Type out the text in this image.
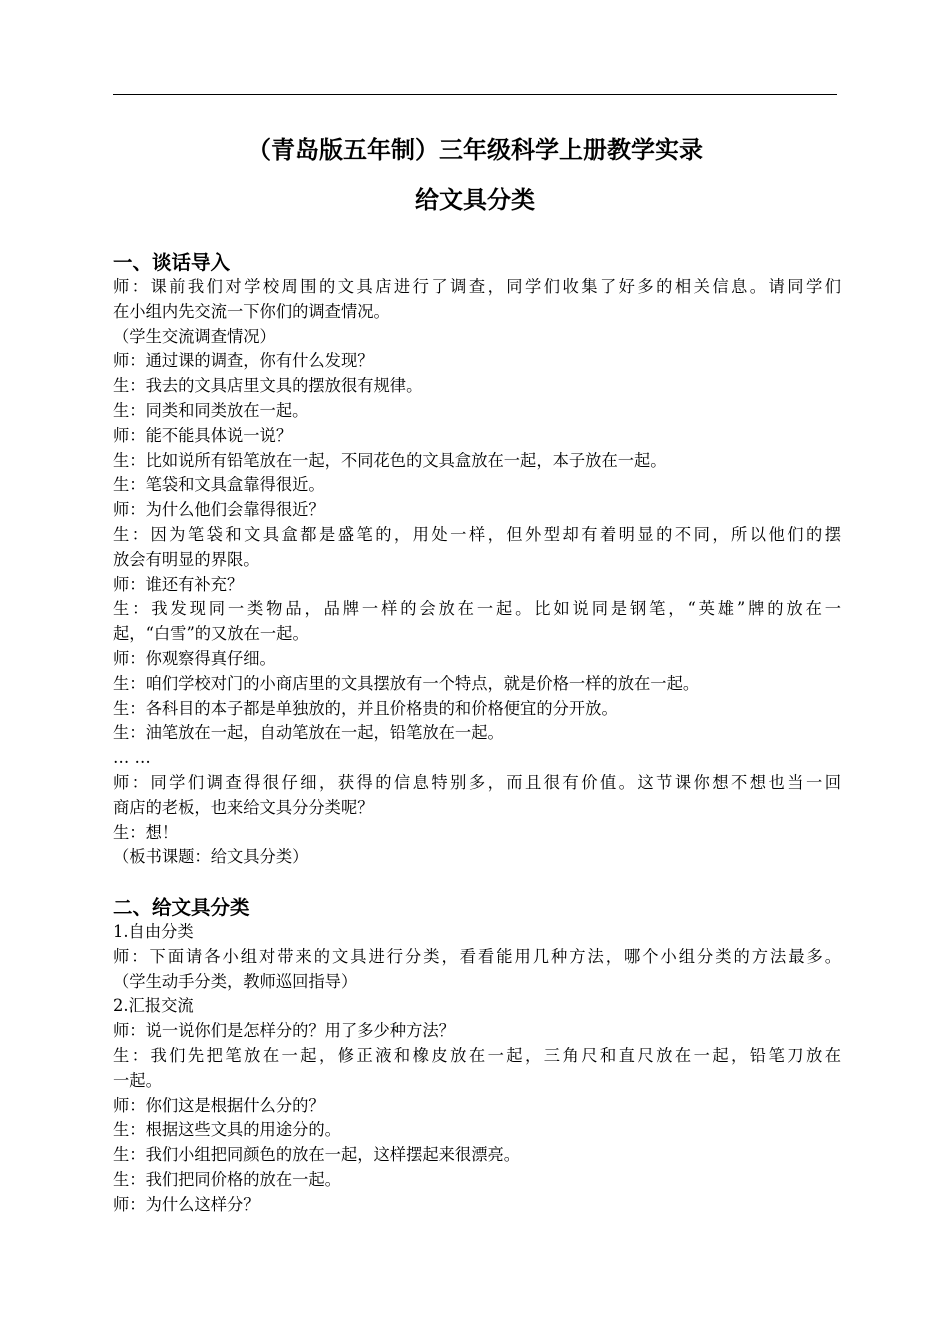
（青岛版五年制）三年级科学上册教学实录
给文具分类
一、谈话导入
师：课前我们对学校周围的文具店进行了调查，同学们收集了好多的相关信息。请同学们
在小组内先交流一下你们的调查情况。
（学生交流调查情况）
师：通过课的调查，你有什么发现？
生：我去的文具店里文具的摆放很有规律。
生：同类和同类放在一起。
师：能不能具体说一说？
生：比如说所有铅笔放在一起，不同花色的文具盒放在一起，本子放在一起。
生：笔袋和文具盒靠得很近。
师：为什么他们会靠得很近？
生：因为笔袋和文具盒都是盛笔的，用处一样，但外型却有着明显的不同，所以他们的摆
放会有明显的界限。
师：谁还有补充？
生：我发现同一类物品，品牌一样的会放在一起。比如说同是钢笔，“英雄”牌的放在一
起，“白雪”的又放在一起。
师：你观察得真仔细。
生：咱们学校对门的小商店里的文具摆放有一个特点，就是价格一样的放在一起。
生：各科目的本子都是单独放的，并且价格贵的和价格便宜的分开放。
生：油笔放在一起，自动笔放在一起，铅笔放在一起。
… …
师：同学们调查得很仔细，获得的信息特别多，而且很有价值。这节课你想不想也当一回
商店的老板，也来给文具分分类呢？
生：想！
（板书课题：给文具分类）
二、给文具分类
1.自由分类
师：下面请各小组对带来的文具进行分类，看看能用几种方法，哪个小组分类的方法最多。
（学生动手分类，教师巡回指导）
2.汇报交流
师：说一说你们是怎样分的？用了多少种方法？
生：我们先把笔放在一起，修正液和橡皮放在一起，三角尺和直尺放在一起，铅笔刀放在
一起。
师：你们这是根据什么分的？
生：根据这些文具的用途分的。
生：我们小组把同颜色的放在一起，这样摆起来很漂亮。
生：我们把同价格的放在一起。
师：为什么这样分？
